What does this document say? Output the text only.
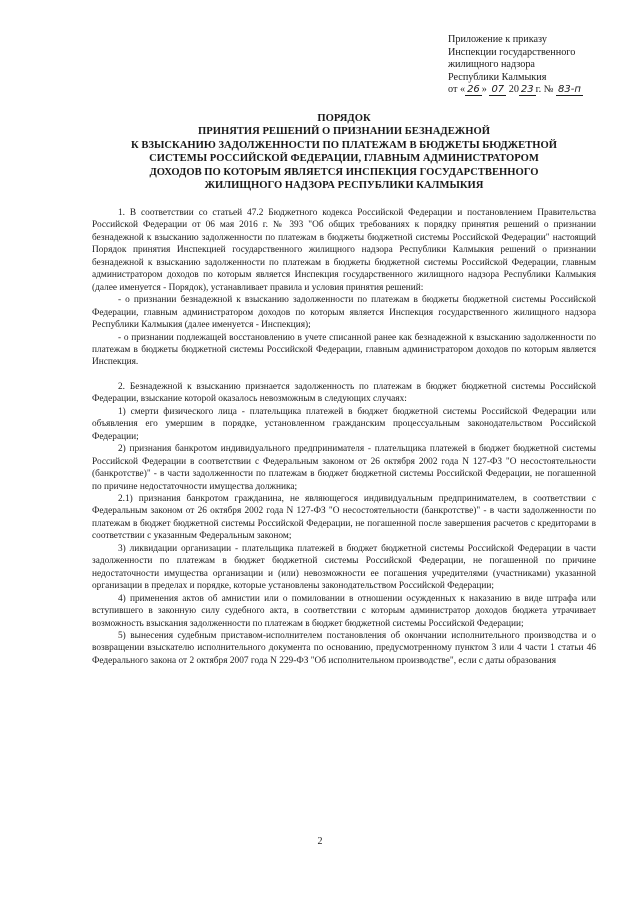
Приложение к приказу
Инспекции государственного
жилищного надзора
Республики Калмыкия
от « 26 » 07 20 23 г. № 83-п
ПОРЯДОК
ПРИНЯТИЯ РЕШЕНИЙ О ПРИЗНАНИИ БЕЗНАДЕЖНОЙ
К ВЗЫСКАНИЮ ЗАДОЛЖЕННОСТИ ПО ПЛАТЕЖАМ В БЮДЖЕТЫ БЮДЖЕТНОЙ
СИСТЕМЫ РОССИЙСКОЙ ФЕДЕРАЦИИ, ГЛАВНЫМ АДМИНИСТРАТОРОМ
ДОХОДОВ ПО КОТОРЫМ ЯВЛЯЕТСЯ ИНСПЕКЦИЯ ГОСУДАРСТВЕННОГО
ЖИЛИЩНОГО НАДЗОРА РЕСПУБЛИКИ КАЛМЫКИЯ

1. В соответствии со статьей 47.2 Бюджетного кодекса Российской Федерации и постановлением Правительства Российской Федерации от 06 мая 2016 г. № 393 "Об общих требованиях к порядку принятия решений о признании безнадежной к взысканию задолженности по платежам в бюджеты бюджетной системы Российской Федерации" настоящий Порядок принятия Инспекцией государственного жилищного надзора Республики Калмыкия решений о признании безнадежной к взысканию задолженности по платежам в бюджеты бюджетной системы Российской Федерации, главным администратором доходов по которым является Инспекция государственного жилищного надзора Республики Калмыкия (далее именуется - Порядок), устанавливает правила и условия принятия решений:

- о признании безнадежной к взысканию задолженности по платежам в бюджеты бюджетной системы Российской Федерации, главным администратором доходов по которым является Инспекция государственного жилищного надзора Республики Калмыкия (далее именуется - Инспекция);

- о признании подлежащей восстановлению в учете списанной ранее как безнадежной к взысканию задолженности по платежам в бюджеты бюджетной системы Российской Федерации, главным администратором доходов по которым является Инспекция.

2. Безнадежной к взысканию признается задолженность по платежам в бюджет бюджетной системы Российской Федерации, взыскание которой оказалось невозможным в следующих случаях:

1) смерти физического лица - плательщика платежей в бюджет бюджетной системы Российской Федерации или объявления его умершим в порядке, установленном гражданским процессуальным законодательством Российской Федерации;

2) признания банкротом индивидуального предпринимателя - плательщика платежей в бюджет бюджетной системы Российской Федерации в соответствии с Федеральным законом от 26 октября 2002 года N 127-ФЗ "О несостоятельности (банкротстве)" - в части задолженности по платежам в бюджет бюджетной системы Российской Федерации, не погашенной по причине недостаточности имущества должника;

2.1) признания банкротом гражданина, не являющегося индивидуальным предпринимателем, в соответствии с Федеральным законом от 26 октября 2002 года N 127-ФЗ "О несостоятельности (банкротстве)" - в части задолженности по платежам в бюджет бюджетной системы Российской Федерации, не погашенной после завершения расчетов с кредиторами в соответствии с указанным Федеральным законом;

3) ликвидации организации - плательщика платежей в бюджет бюджетной системы Российской Федерации в части задолженности по платежам в бюджет бюджетной системы Российской Федерации, не погашенной по причине недостаточности имущества организации и (или) невозможности ее погашения учредителями (участниками) указанной организации в пределах и порядке, которые установлены законодательством Российской Федерации;

4) применения актов об амнистии или о помиловании в отношении осужденных к наказанию в виде штрафа или вступившего в законную силу судебного акта, в соответствии с которым администратор доходов бюджета утрачивает возможность взыскания задолженности по платежам в бюджет бюджетной системы Российской Федерации;

5) вынесения судебным приставом-исполнителем постановления об окончании исполнительного производства и о возвращении взыскателю исполнительного документа по основанию, предусмотренному пунктом 3 или 4 части 1 статьи 46 Федерального закона от 2 октября 2007 года N 229-ФЗ "Об исполнительном производстве", если с даты образования

2
